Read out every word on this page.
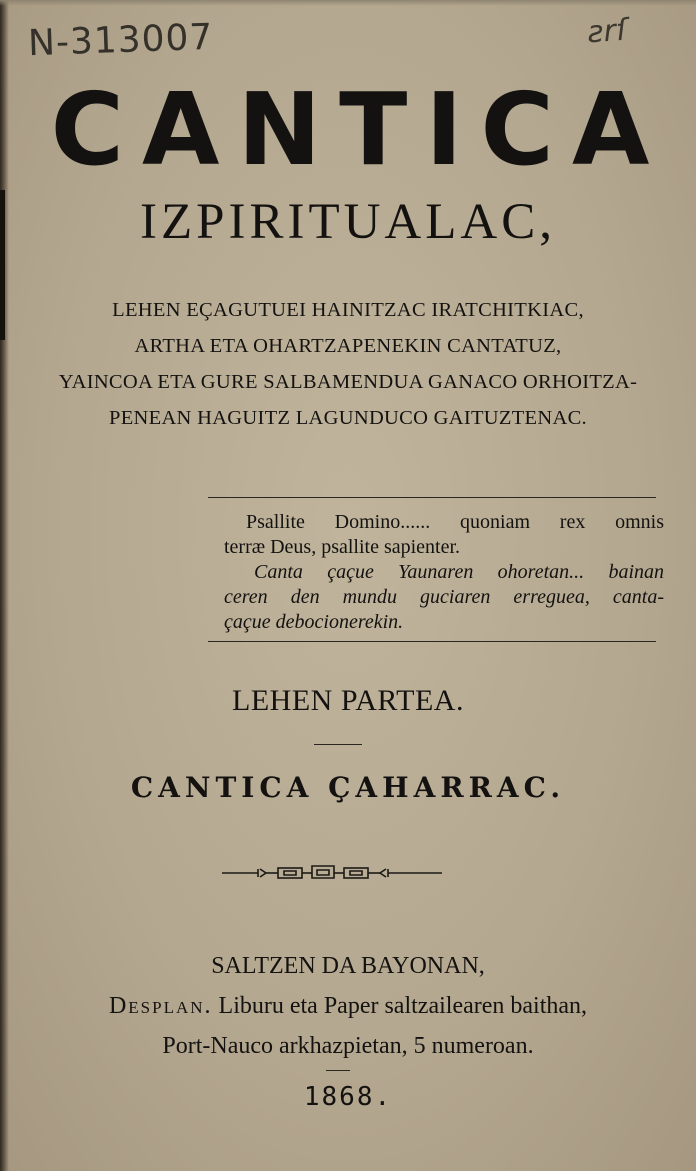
N-313007	ƨrſ
CANTICA
IZPIRITUALAC,
LEHEN EÇAGUTUEI HAINITZAC IRATCHITKIAC,
ARTHA ETA OHARTZAPENEKIN CANTATUZ,
YAINCOA ETA GURE SALBAMENDUA GANACO ORHOITZA-
PENEAN HAGUITZ LAGUNDUCO GAITUZTENAC.
Psallite Domino...... quoniam rex omnis
terræ Deus, psallite sapienter.
Canta çaçue Yaunaren ohoretan... bainan
ceren den mundu guciaren erreguea, canta-
çaçue debocionerekin.
LEHEN PARTEA.
CANTICA ÇAHARRAC.
SALTZEN DA BAYONAN,
Desplan. Liburu eta Paper saltzailearen baithan,
Port-Nauco arkhazpietan, 5 numeroan.
1868.
